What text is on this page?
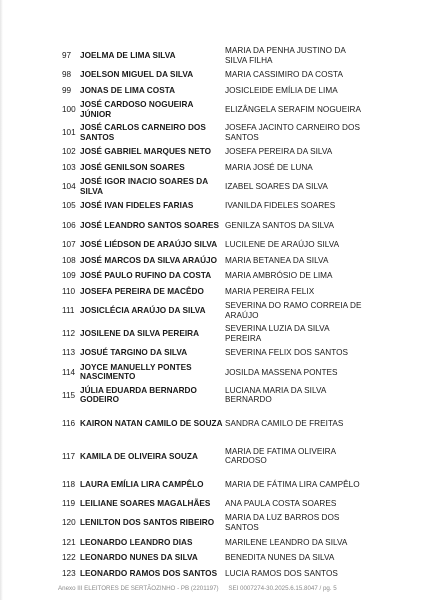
97	JOELMA DE LIMA SILVA	MARIA DA PENHA JUSTINO DA SILVA FILHA
98	JOELSON MIGUEL DA SILVA	MARIA CASSIMIRO DA COSTA
99	JONAS DE LIMA COSTA	JOSICLEIDE EMÍLIA DE LIMA
100	JOSÉ CARDOSO NOGUEIRA JÚNIOR	ELIZÂNGELA SERAFIM NOGUEIRA
101	JOSÉ CARLOS CARNEIRO DOS SANTOS	JOSEFA JACINTO CARNEIRO DOS SANTOS
102	JOSÉ GABRIEL MARQUES NETO	JOSEFA PEREIRA DA SILVA
103	JOSÉ GENILSON SOARES	MARIA JOSÉ DE LUNA
104	JOSÉ IGOR INACIO SOARES DA SILVA	IZABEL SOARES DA SILVA
105	JOSÉ IVAN FIDELES FARIAS	IVANILDA FIDELES SOARES
106	JOSÉ LEANDRO SANTOS SOARES	GENILZA SANTOS DA SILVA
107	JOSÉ LIÉDSON DE ARAÚJO SILVA	LUCILENE DE ARAÚJO SILVA
108	JOSÉ MARCOS DA SILVA ARAÚJO	MARIA BETANEA DA SILVA
109	JOSÉ PAULO RUFINO DA COSTA	MARIA AMBRÓSIO DE LIMA
110	JOSEFA PEREIRA DE MACÊDO	MARIA PEREIRA FELIX
111	JOSICLÉCIA ARAÚJO DA SILVA	SEVERINA DO RAMO CORREIA DE ARAÚJO
112	JOSILENE DA SILVA PEREIRA	SEVERINA LUZIA DA SILVA PEREIRA
113	JOSUÉ TARGINO DA SILVA	SEVERINA FELIX DOS SANTOS
114	JOYCE MANUELLY PONTES NASCIMENTO	JOSILDA MASSENA PONTES
115	JÚLIA EDUARDA BERNARDO GODEIRO	LUCIANA MARIA DA SILVA BERNARDO
116	KAIRON NATAN CAMILO DE SOUZA	SANDRA CAMILO DE FREITAS
117	KAMILA DE OLIVEIRA SOUZA	MARIA DE FATIMA OLIVEIRA CARDOSO
118	LAURA EMÍLIA LIRA CAMPÊLO	MARIA DE FÁTIMA LIRA CAMPÊLO
119	LEILIANE SOARES MAGALHÃES	ANA PAULA COSTA SOARES
120	LENILTON DOS SANTOS RIBEIRO	MARIA DA LUZ BARROS DOS SANTOS
121	LEONARDO LEANDRO DIAS	MARILENE LEANDRO DA SILVA
122	LEONARDO NUNES DA SILVA	BENEDITA NUNES DA SILVA
123	LEONARDO RAMOS DOS SANTOS	LUCIA RAMOS DOS SANTOS
Anexo III ELEITORES DE SERTÃOZINHO - PB (2201197) SEI 0007274-30.2025.6.15.8047 / pg. 5
